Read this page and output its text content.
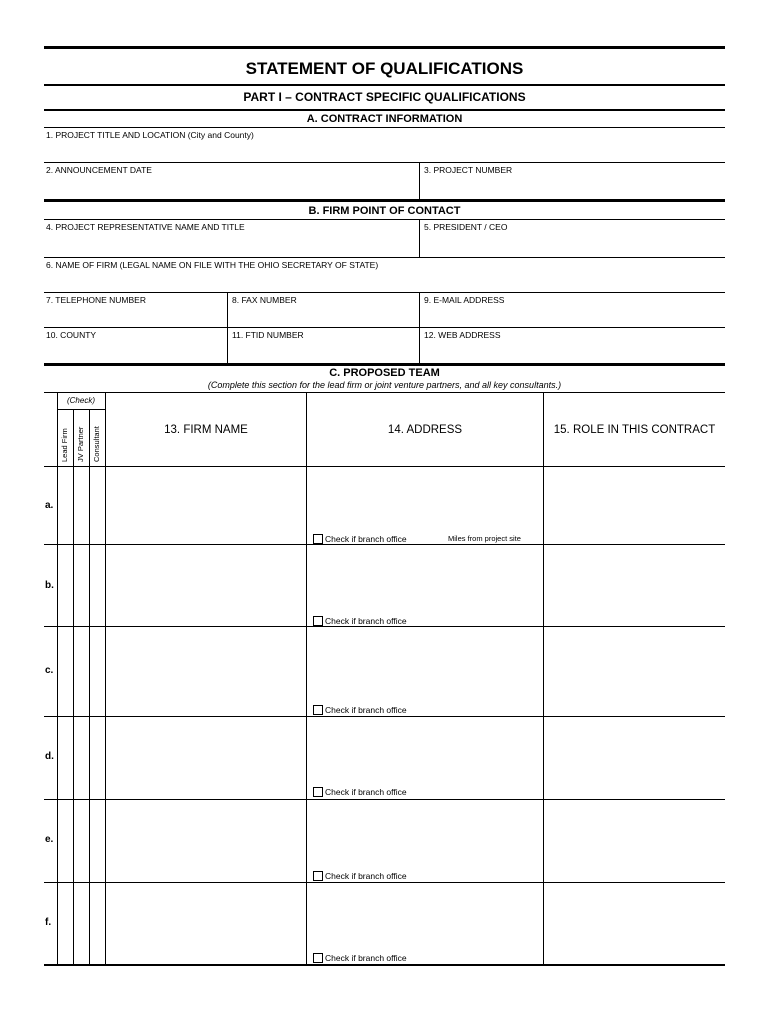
STATEMENT OF QUALIFICATIONS
PART I – CONTRACT SPECIFIC QUALIFICATIONS
A. CONTRACT INFORMATION
1. PROJECT TITLE AND LOCATION (City and County)
2. ANNOUNCEMENT DATE	3. PROJECT NUMBER
B. FIRM POINT OF CONTACT
4. PROJECT REPRESENTATIVE NAME AND TITLE	5. PRESIDENT / CEO
6. NAME OF FIRM (LEGAL NAME ON FILE WITH THE OHIO SECRETARY OF STATE)
7. TELEPHONE NUMBER	8. FAX NUMBER	9. E-MAIL ADDRESS
10. COUNTY	11. FTID NUMBER	12. WEB ADDRESS
C. PROPOSED TEAM
(Complete this section for the lead firm or joint venture partners, and all key consultants.)
(Check)
Lead Firm JV Partner Consultant	13. FIRM NAME	14. ADDRESS	15. ROLE IN THIS CONTRACT
a.
Check if branch office	Miles from project site
b.
Check if branch office
c.
Check if branch office
d.
Check if branch office
e.
Check if branch office
f.
Check if branch office
